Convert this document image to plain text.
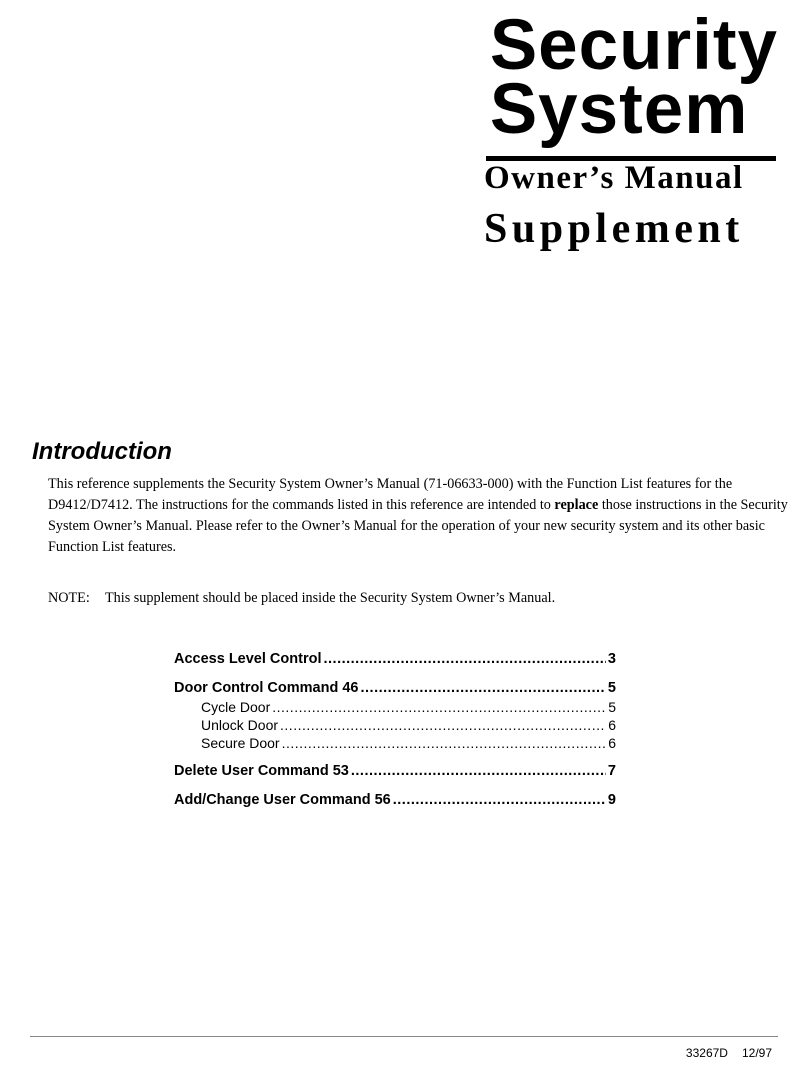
Security

System

Owner’s Manual

Supplement

Introduction

This reference supplements the Security System Owner’s Manual (71-06633-000) with the Function List features for the D9412/D7412. The instructions for the commands listed in this reference are intended to replace those instructions in the Security System Owner’s Manual. Please refer to the Owner’s Manual for the operation of your new security system and its other basic Function List features.

NOTE: This supplement should be placed inside the Security System Owner’s Manual.

Access Level Control .....	3
Door Control Command 46 .....	5
Cycle Door .....	5
Unlock Door .....	6
Secure Door .....	6
Delete User Command 53 .....	7
Add/Change User Command 56 .....	9
33267D 12/97
